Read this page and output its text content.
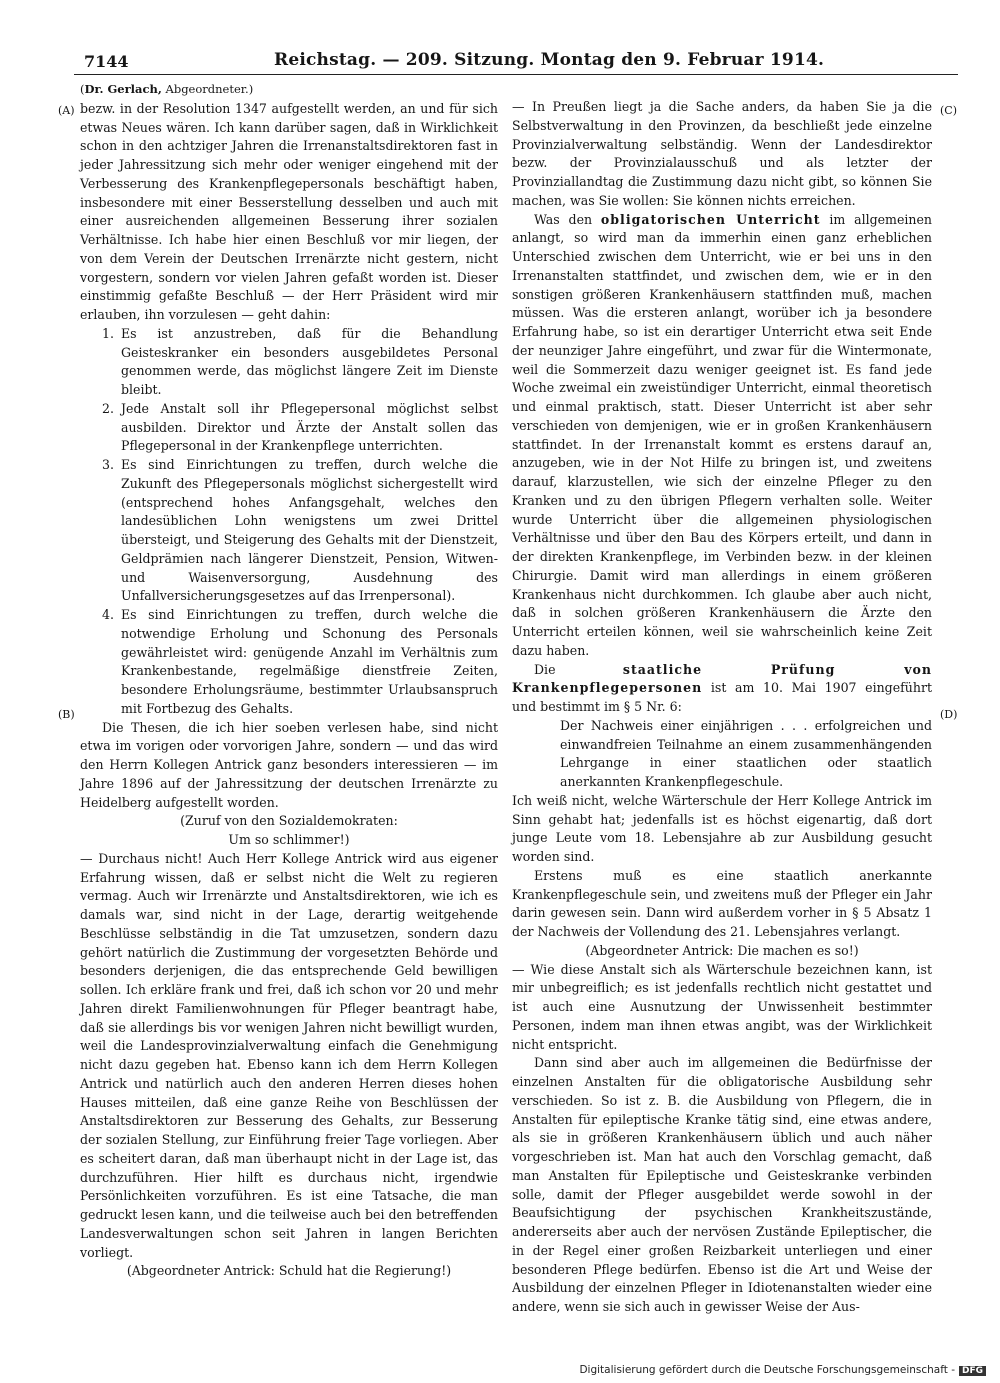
7144	Reichstag. — 209. Sitzung. Montag den 9. Februar 1914.
(A)
(B)
(C)
(D)

(Dr. Gerlach, Abgeordneter.)

bezw. in der Resolution 1347 aufgestellt werden, an und für sich etwas Neues wären. Ich kann darüber sagen, daß in Wirklichkeit schon in den achtziger Jahren die Irrenanstaltsdirektoren fast in jeder Jahressitzung sich mehr oder weniger eingehend mit der Verbesserung des Krankenpflegepersonals beschäftigt haben, insbesondere mit einer Besserstellung desselben und auch mit einer ausreichenden allgemeinen Besserung ihrer sozialen Verhältnisse. Ich habe hier einen Beschluß vor mir liegen, der von dem Verein der Deutschen Irrenärzte nicht gestern, nicht vorgestern, sondern vor vielen Jahren gefaßt worden ist. Dieser einstimmig gefaßte Beschluß — der Herr Präsident wird mir erlauben, ihn vorzulesen — geht dahin:

1. Es ist anzustreben, daß für die Behandlung Geisteskranker ein besonders ausgebildetes Personal genommen werde, das möglichst längere Zeit im Dienste bleibt.
2. Jede Anstalt soll ihr Pflegepersonal möglichst selbst ausbilden. Direktor und Ärzte der Anstalt sollen das Pflegepersonal in der Krankenpflege unterrichten.
3. Es sind Einrichtungen zu treffen, durch welche die Zukunft des Pflegepersonals möglichst sichergestellt wird (entsprechend hohes Anfangsgehalt, welches den landesüblichen Lohn wenigstens um zwei Drittel übersteigt, und Steigerung des Gehalts mit der Dienstzeit, Geldprämien nach längerer Dienstzeit, Pension, Witwen- und Waisenversorgung, Ausdehnung des Unfallversicherungsgesetzes auf das Irrenpersonal).
4. Es sind Einrichtungen zu treffen, durch welche die notwendige Erholung und Schonung des Personals gewährleistet wird: genügende Anzahl im Verhältnis zum Krankenbestande, regelmäßige dienstfreie Zeiten, besondere Erholungsräume, bestimmter Urlaubsanspruch mit Fortbezug des Gehalts.

Die Thesen, die ich hier soeben verlesen habe, sind nicht etwa im vorigen oder vorvorigen Jahre, sondern — und das wird den Herrn Kollegen Antrick ganz besonders interessieren — im Jahre 1896 auf der Jahressitzung der deutschen Irrenärzte zu Heidelberg aufgestellt worden.

(Zuruf von den Sozialdemokraten:

Um so schlimmer!)

— Durchaus nicht! Auch Herr Kollege Antrick wird aus eigener Erfahrung wissen, daß er selbst nicht die Welt zu regieren vermag. Auch wir Irrenärzte und Anstaltsdirektoren, wie ich es damals war, sind nicht in der Lage, derartig weitgehende Beschlüsse selbständig in die Tat umzusetzen, sondern dazu gehört natürlich die Zustimmung der vorgesetzten Behörde und besonders derjenigen, die das entsprechende Geld bewilligen sollen. Ich erkläre frank und frei, daß ich schon vor 20 und mehr Jahren direkt Familienwohnungen für Pfleger beantragt habe, daß sie allerdings bis vor wenigen Jahren nicht bewilligt wurden, weil die Landesprovinzialverwaltung einfach die Genehmigung nicht dazu gegeben hat. Ebenso kann ich dem Herrn Kollegen Antrick und natürlich auch den anderen Herren dieses hohen Hauses mitteilen, daß eine ganze Reihe von Beschlüssen der Anstaltsdirektoren zur Besserung des Gehalts, zur Besserung der sozialen Stellung, zur Einführung freier Tage vorliegen. Aber es scheitert daran, daß man überhaupt nicht in der Lage ist, das durchzuführen. Hier hilft es durchaus nicht, irgendwie Persönlichkeiten vorzuführen. Es ist eine Tatsache, die man gedruckt lesen kann, und die teilweise auch bei den betreffenden Landesverwaltungen schon seit Jahren in langen Berichten vorliegt.

(Abgeordneter Antrick: Schuld hat die Regierung!)

— In Preußen liegt ja die Sache anders, da haben Sie ja die Selbstverwaltung in den Provinzen, da beschließt jede einzelne Provinzialverwaltung selbständig. Wenn der Landesdirektor bezw. der Provinzialausschuß und als letzter der Provinziallandtag die Zustimmung dazu nicht gibt, so können Sie machen, was Sie wollen: Sie können nichts erreichen.

Was den obligatorischen Unterricht im allgemeinen anlangt, so wird man da immerhin einen ganz erheblichen Unterschied zwischen dem Unterricht, wie er bei uns in den Irrenanstalten stattfindet, und zwischen dem, wie er in den sonstigen größeren Krankenhäusern stattfinden muß, machen müssen. Was die ersteren anlangt, worüber ich ja besondere Erfahrung habe, so ist ein derartiger Unterricht etwa seit Ende der neunziger Jahre eingeführt, und zwar für die Wintermonate, weil die Sommerzeit dazu weniger geeignet ist. Es fand jede Woche zweimal ein zweistündiger Unterricht, einmal theoretisch und einmal praktisch, statt. Dieser Unterricht ist aber sehr verschieden von demjenigen, wie er in großen Krankenhäusern stattfindet. In der Irrenanstalt kommt es erstens darauf an, anzugeben, wie in der Not Hilfe zu bringen ist, und zweitens darauf, klarzustellen, wie sich der einzelne Pfleger zu den Kranken und zu den übrigen Pflegern verhalten solle. Weiter wurde Unterricht über die allgemeinen physiologischen Verhältnisse und über den Bau des Körpers erteilt, und dann in der direkten Krankenpflege, im Verbinden bezw. in der kleinen Chirurgie. Damit wird man allerdings in einem größeren Krankenhaus nicht durchkommen. Ich glaube aber auch nicht, daß in solchen größeren Krankenhäusern die Ärzte den Unterricht erteilen können, weil sie wahrscheinlich keine Zeit dazu haben.

Die staatliche Prüfung von Krankenpflegepersonen ist am 10. Mai 1907 eingeführt und bestimmt im § 5 Nr. 6:

Der Nachweis einer einjährigen . . . erfolgreichen und einwandfreien Teilnahme an einem zusammenhängenden Lehrgange in einer staatlichen oder staatlich anerkannten Krankenpflegeschule.

Ich weiß nicht, welche Wärterschule der Herr Kollege Antrick im Sinn gehabt hat; jedenfalls ist es höchst eigenartig, daß dort junge Leute vom 18. Lebensjahre ab zur Ausbildung gesucht worden sind.

Erstens muß es eine staatlich anerkannte Krankenpflegeschule sein, und zweitens muß der Pfleger ein Jahr darin gewesen sein. Dann wird außerdem vorher in § 5 Absatz 1 der Nachweis der Vollendung des 21. Lebensjahres verlangt.

(Abgeordneter Antrick: Die machen es so!)

— Wie diese Anstalt sich als Wärterschule bezeichnen kann, ist mir unbegreiflich; es ist jedenfalls rechtlich nicht gestattet und ist auch eine Ausnutzung der Unwissenheit bestimmter Personen, indem man ihnen etwas angibt, was der Wirklichkeit nicht entspricht.

Dann sind aber auch im allgemeinen die Bedürfnisse der einzelnen Anstalten für die obligatorische Ausbildung sehr verschieden. So ist z. B. die Ausbildung von Pflegern, die in Anstalten für epileptische Kranke tätig sind, eine etwas andere, als sie in größeren Krankenhäusern üblich und auch näher vorgeschrieben ist. Man hat auch den Vorschlag gemacht, daß man Anstalten für Epileptische und Geisteskranke verbinden solle, damit der Pfleger ausgebildet werde sowohl in der Beaufsichtigung der psychischen Krankheitszustände, andererseits aber auch der nervösen Zustände Epileptischer, die in der Regel einer großen Reizbarkeit unterliegen und einer besonderen Pflege bedürfen. Ebenso ist die Art und Weise der Ausbildung der einzelnen Pfleger in Idiotenanstalten wieder eine andere, wenn sie sich auch in gewisser Weise der Aus-

Digitalisierung gefördert durch die Deutsche Forschungsgemeinschaft - DFG
